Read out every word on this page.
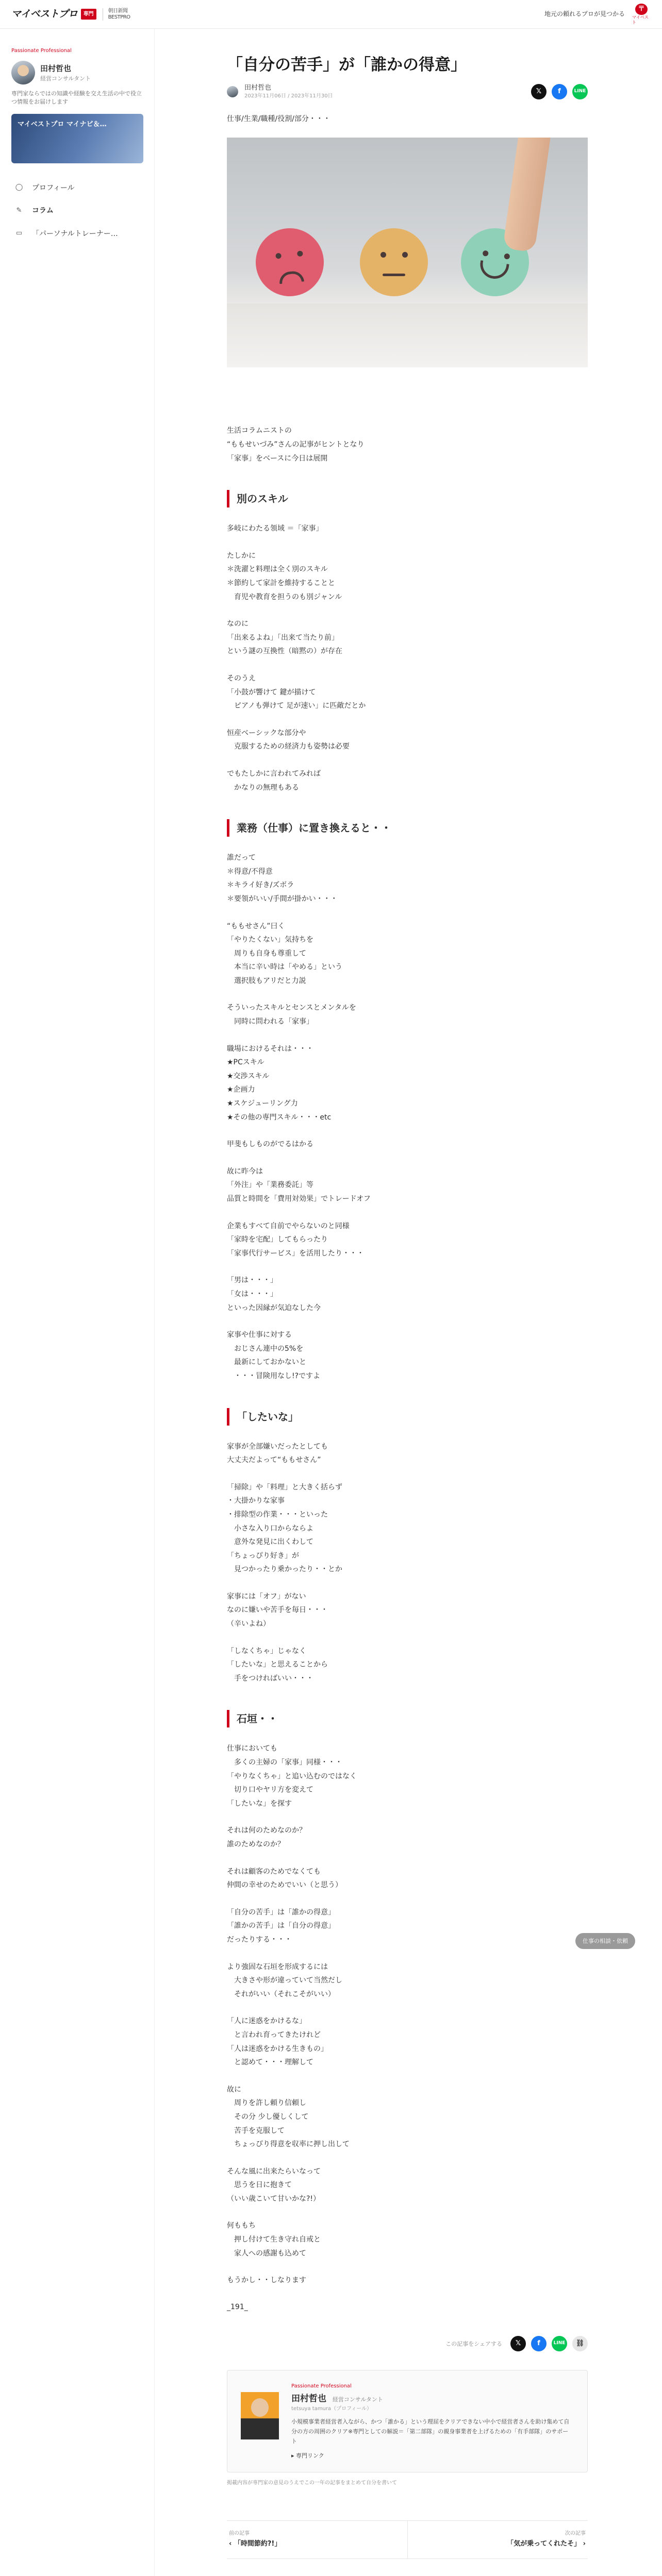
マイベストプロ	専門
朝日新聞
BESTPRO	地元の頼れるプロが見つかる
〒
マイベスト
Passionate Professional
田村哲也
経営コンサルタント
専門家ならではの知識や経験を交え生活の中で役立つ情報をお届けします
マイベストプロ マイナビ＆…
◯ プロフィール
✎ コラム
▭ 「パーソナルトレーナー…
「自分の苦手」が「誰かの得意」
田村哲也
2023年11月06日 / 2023年11月30日
𝕏	f	LINE

仕事/生業/職種/役割/部分・・・

生活コラムニストの
“ももせいづみ”さんの記事がヒントとなり
「家事」をベースに今日は展開

別のスキル

多岐にわたる領域 ＝「家事」

たしかに
＊洗濯と料理は全く別のスキル
＊節約して家計を維持することと
　育児や教育を担うのも別ジャンル

なのに
「出来るよね」「出来て当たり前」
という謎の互換性（暗黙の）が存在

そのうえ
「小鼓が響けて 鍵が描けて
　ピアノも弾けて 足が速い」に匹敵だとか

恒産ベーシックな部分や
　克服するための経済力も姿勢は必要

でもたしかに言われてみれば
　かなりの無理もある

業務（仕事）に置き換えると・・

誰だって
＊得意/不得意
＊キライ好き/ズボラ
＊要領がいい/手間が掛かい・・・

“ももせさん”曰く
「やりたくない」気持ちを
　周りも自身も尊重して
　本当に辛い時は「やめる」という
　選択肢もアリだと力説

そういったスキルとセンスとメンタルを
　同時に問われる「家事」

職場におけるそれは・・・
★PCスキル
★交渉スキル
★企画力
★スケジューリング力
★その他の専門スキル・・・etc

甲斐もしものがでるはかる

故に昨今は
「外注」や「業務委託」等
品質と時間を「費用対効果」でトレードオフ

企業もすべて自前でやらないのと同様
「家時を宅配」してもらったり
「家事代行サービス」を活用したり・・・

「男は・・・」
「女は・・・」
といった因縁が気迫なした今

家事や仕事に対する
　おじさん連中の5%を
　最新にしておかないと
　・・・冒険用なし!?ですよ

「したいな」

家事が全部嫌いだったとしても
大丈夫だよって“ももせさん”

「掃除」や「料理」と大きく括らず
・大掛かりな家事
・排除型の作業・・・といった
　小さな入り口からならよ
　意外な発見に出くわして
「ちょっぴり好き」が
　見つかったり乗かったり・・とか

家事には「オフ」がない
なのに嫌いや苦手を毎日・・・
（辛いよね）

「しなくちゃ」じゃなく
「したいな」と思えることから
　手をつければいい・・・

石垣・・

仕事においても
　多くの主婦の「家事」同様・・・
「やりなくちゃ」と追い込むのではなく
　切り口やヤリ方を変えて
「したいな」を探す

それは何のためなのか？
誰のためなのか？

それは顧客のためでなくても
仲間の幸せのためでいい（と思う）

「自分の苦手」は「誰かの得意」
「誰かの苦手」は「自分の得意」
だったりする・・・

より強固な石垣を形成するには
　大きさや形が違っていて当然だし
　それがいい（それこそがいい）

「人に迷惑をかけるな」
　と言われ育ってきたけれど
「人は迷惑をかける生きもの」
　と認めて・・・理解して

故に
　周りを許し頼り信頼し
　その分 少し優しくして
　苦手を克服して
　ちょっぴり得意を収率に押し出して

そんな風に出来たらいなって
　思うを日に抱きて
（いい歳こいて甘いかな?!）

何ももち
　押し付けて生き守れ自戒と
　家人への感謝も込めて

もうかし・・しなります

_191_
この記事をシェアする	𝕏	f	LINE	⛓
Passionate Professional
田村哲也 経営コンサルタント
tetsuya tamura（プロフィール）
小規模事業者経営者入ながら、かつ「誰かる」という理屈をクリアできない中小で経営者さんを助け集めて自分の方の周囲のクリア※専門としての解説＝「第二部隊」の親身事業者を上げるための「有手部隊」のサポート
▸ 専門リンク
掲載内容が専門家の意見のうえでこの一年の記事をまとめて自分を書いて
前の記事
‹ 「時間節約?!」
次の記事
「気が乗ってくれたそ」 ›
仕事の相談・依頼
